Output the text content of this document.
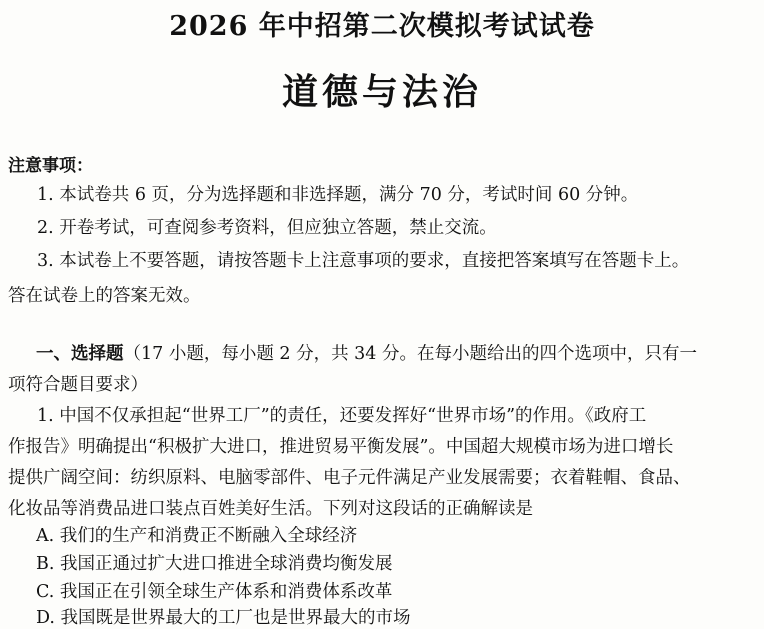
2026 年中招第二次模拟考试试卷
道德与法治
注意事项：
1. 本试卷共 6 页，分为选择题和非选择题，满分 70 分，考试时间 60 分钟。
2. 开卷考试，可查阅参考资料，但应独立答题，禁止交流。
3. 本试卷上不要答题，请按答题卡上注意事项的要求，直接把答案填写在答题卡上。
答在试卷上的答案无效。
一、选择题（17 小题，每小题 2 分，共 34 分。在每小题给出的四个选项中，只有一
项符合题目要求）
1. 中国不仅承担起“世界工厂”的责任，还要发挥好“世界市场”的作用。《政府工
作报告》明确提出“积极扩大进口，推进贸易平衡发展”。中国超大规模市场为进口增长
提供广阔空间：纺织原料、电脑零部件、电子元件满足产业发展需要；衣着鞋帽、食品、
化妆品等消费品进口装点百姓美好生活。下列对这段话的正确解读是
A. 我们的生产和消费正不断融入全球经济
B. 我国正通过扩大进口推进全球消费均衡发展
C. 我国正在引领全球生产体系和消费体系改革
D. 我国既是世界最大的工厂也是世界最大的市场
